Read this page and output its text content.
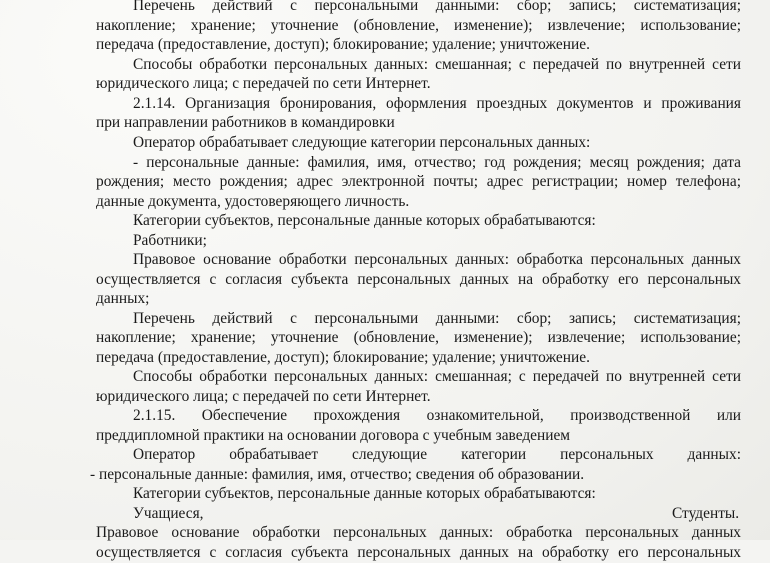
Перечень действий с персональными данными: сбор; запись; систематизация;
накопление; хранение; уточнение (обновление, изменение); извлечение; использование;
передача (предоставление, доступ); блокирование; удаление; уничтожение.
Способы обработки персональных данных: смешанная; с передачей по внутренней сети
юридического лица; с передачей по сети Интернет.
2.1.14. Организация бронирования, оформления проездных документов и проживания
при направлении работников в командировки
Оператор обрабатывает следующие категории персональных данных:
- персональные данные: фамилия, имя, отчество; год рождения; месяц рождения; дата
рождения; место рождения; адрес электронной почты; адрес регистрации; номер телефона;
данные документа, удостоверяющего личность.
Категории субъектов, персональные данные которых обрабатываются:
Работники;
Правовое основание обработки персональных данных: обработка персональных данных
осуществляется с согласия субъекта персональных данных на обработку его персональных
данных;
Перечень действий с персональными данными: сбор; запись; систематизация;
накопление; хранение; уточнение (обновление, изменение); извлечение; использование;
передача (предоставление, доступ); блокирование; удаление; уничтожение.
Способы обработки персональных данных: смешанная; с передачей по внутренней сети
юридического лица; с передачей по сети Интернет.
2.1.15. Обеспечение прохождения ознакомительной, производственной или
преддипломной практики на основании договора с учебным заведением
Оператор обрабатывает следующие категории персональных данных:
- персональные данные: фамилия, имя, отчество; сведения об образовании.
Категории субъектов, персональные данные которых обрабатываются:
Учащиеся,	Студенты.
Правовое основание обработки персональных данных: обработка персональных данных
осуществляется с согласия субъекта персональных данных на обработку его персональных
